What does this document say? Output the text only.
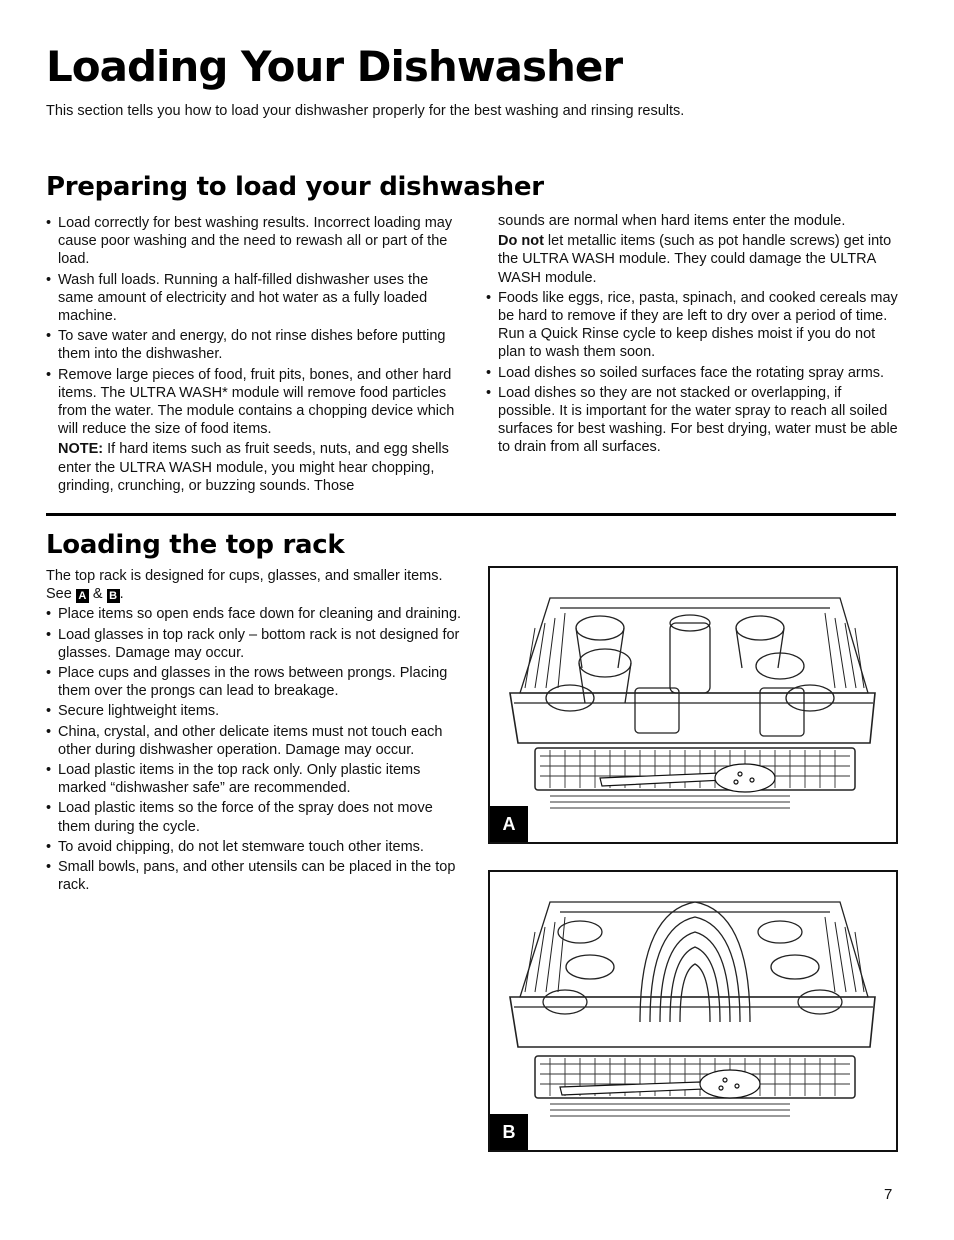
Loading Your Dishwasher

This section tells you how to load your dishwasher properly for the best washing and rinsing results.

Preparing to load your dishwasher
• Load correctly for best washing results. Incorrect loading may cause poor washing and the need to rewash all or part of the load.
• Wash full loads. Running a half-filled dishwasher uses the same amount of electricity and hot water as a fully loaded machine.
• To save water and energy, do not rinse dishes before putting them into the dishwasher.
• Remove large pieces of food, fruit pits, bones, and other hard items. The ULTRA WASH* module will remove food particles from the water. The module contains a chopping device which will reduce the size of food items.

NOTE: If hard items such as fruit seeds, nuts, and egg shells enter the ULTRA WASH module, you might hear chopping, grinding, crunching, or buzzing sounds. Those

sounds are normal when hard items enter the module.

Do not let metallic items (such as pot handle screws) get into the ULTRA WASH module. They could damage the ULTRA WASH module.

• Foods like eggs, rice, pasta, spinach, and cooked cereals may be hard to remove if they are left to dry over a period of time. Run a Quick Rinse cycle to keep dishes moist if you do not plan to wash them soon.
• Load dishes so soiled surfaces face the rotating spray arms.
• Load dishes so they are not stacked or overlapping, if possible. It is important for the water spray to reach all soiled surfaces for best washing. For best drying, water must be able to drain from all surfaces.
Loading the top rack

The top rack is designed for cups, glasses, and smaller items. See A & B .

• Place items so open ends face down for cleaning and draining.
• Load glasses in top rack only – bottom rack is not designed for glasses. Damage may occur.
• Place cups and glasses in the rows between prongs. Placing them over the prongs can lead to breakage.
• Secure lightweight items.
• China, crystal, and other delicate items must not touch each other during dishwasher operation. Damage may occur.
• Load plastic items in the top rack only. Only plastic items marked “dishwasher safe” are recommended.
• Load plastic items so the force of the spray does not move them during the cycle.
• To avoid chipping, do not let stemware touch other items.
• Small bowls, pans, and other utensils can be placed in the top rack.
A
B
7
